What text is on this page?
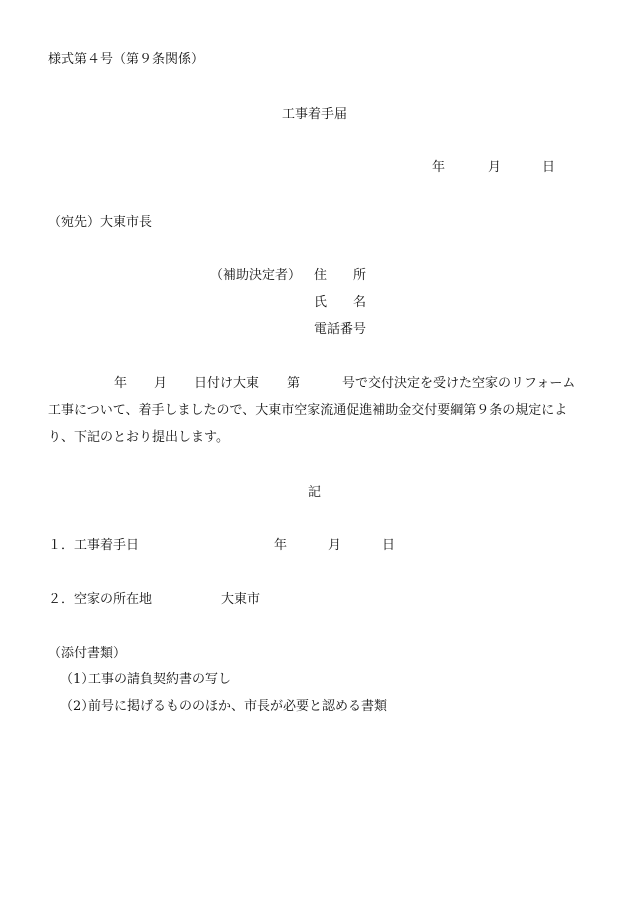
様式第４号（第９条関係）
工事着手届
年	月	日
（宛先）大東市長
（補助決定者） 住　　所
氏　　名
電話番号
年 月 日付け大東 第	号で交付決定を受けた空家のリフォーム
工事について、着手しましたので、大東市空家流通促進補助金交付要綱第９条の規定によ
り、下記のとおり提出します。
記
１． 工事着手日	年	月	日
２． 空家の所在地	大東市
（添付書類）
（1）
工事の請負契約書の写し
（2）
前号に掲げるもののほか、市長が必要と認める書類
